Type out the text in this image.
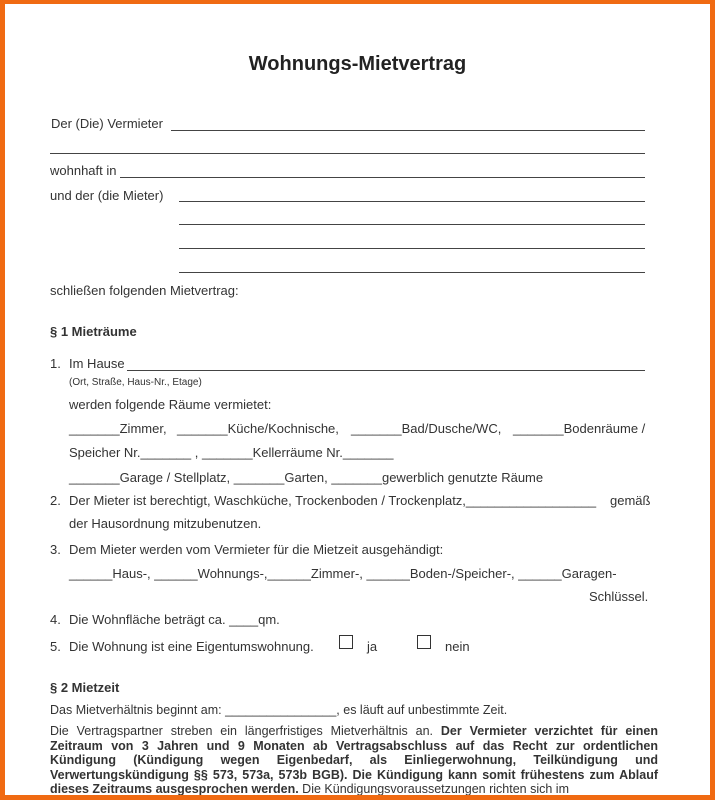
Wohnungs-Mietvertrag
Der (Die) Vermieter
wohnhaft in
und der (die Mieter)
schließen folgenden Mietvertrag:
§ 1 Mieträume
1. Im Hause
(Ort, Straße, Haus-Nr., Etage)
werden folgende Räume vermietet:
_______Zimmer, _______Küche/Kochnische, _______Bad/Dusche/WC, _______Bodenräume /
Speicher Nr._______ , _______Kellerräume Nr._______
_______Garage / Stellplatz, _______Garten, _______gewerblich genutzte Räume
2. Der Mieter ist berechtigt, Waschküche, Trockenboden / Trockenplatz,__________________ gemäß
der Hausordnung mitzubenutzen.
3. Dem Mieter werden vom Vermieter für die Mietzeit ausgehändigt:
______Haus-, ______Wohnungs-,______Zimmer-, ______Boden-/Speicher-, ______Garagen-
Schlüssel.
4. Die Wohnfläche beträgt ca. ____qm.
5. Die Wohnung ist eine Eigentumswohnung.	ja	nein
§ 2 Mietzeit
Das Mietverhältnis beginnt am: ________________, es läuft auf unbestimmte Zeit.
Die Vertragspartner streben ein längerfristiges Mietverhältnis an. Der Vermieter verzichtet für einen Zeitraum von 3 Jahren und 9 Monaten ab Vertragsabschluss auf das Recht zur ordentlichen Kündigung (Kündigung wegen Eigenbedarf, als Einliegerwohnung, Teilkündigung und Verwertungskündigung §§ 573, 573a, 573b BGB). Die Kündigung kann somit frühestens zum Ablauf dieses Zeitraums ausgesprochen werden. Die Kündigungsvoraussetzungen richten sich im
